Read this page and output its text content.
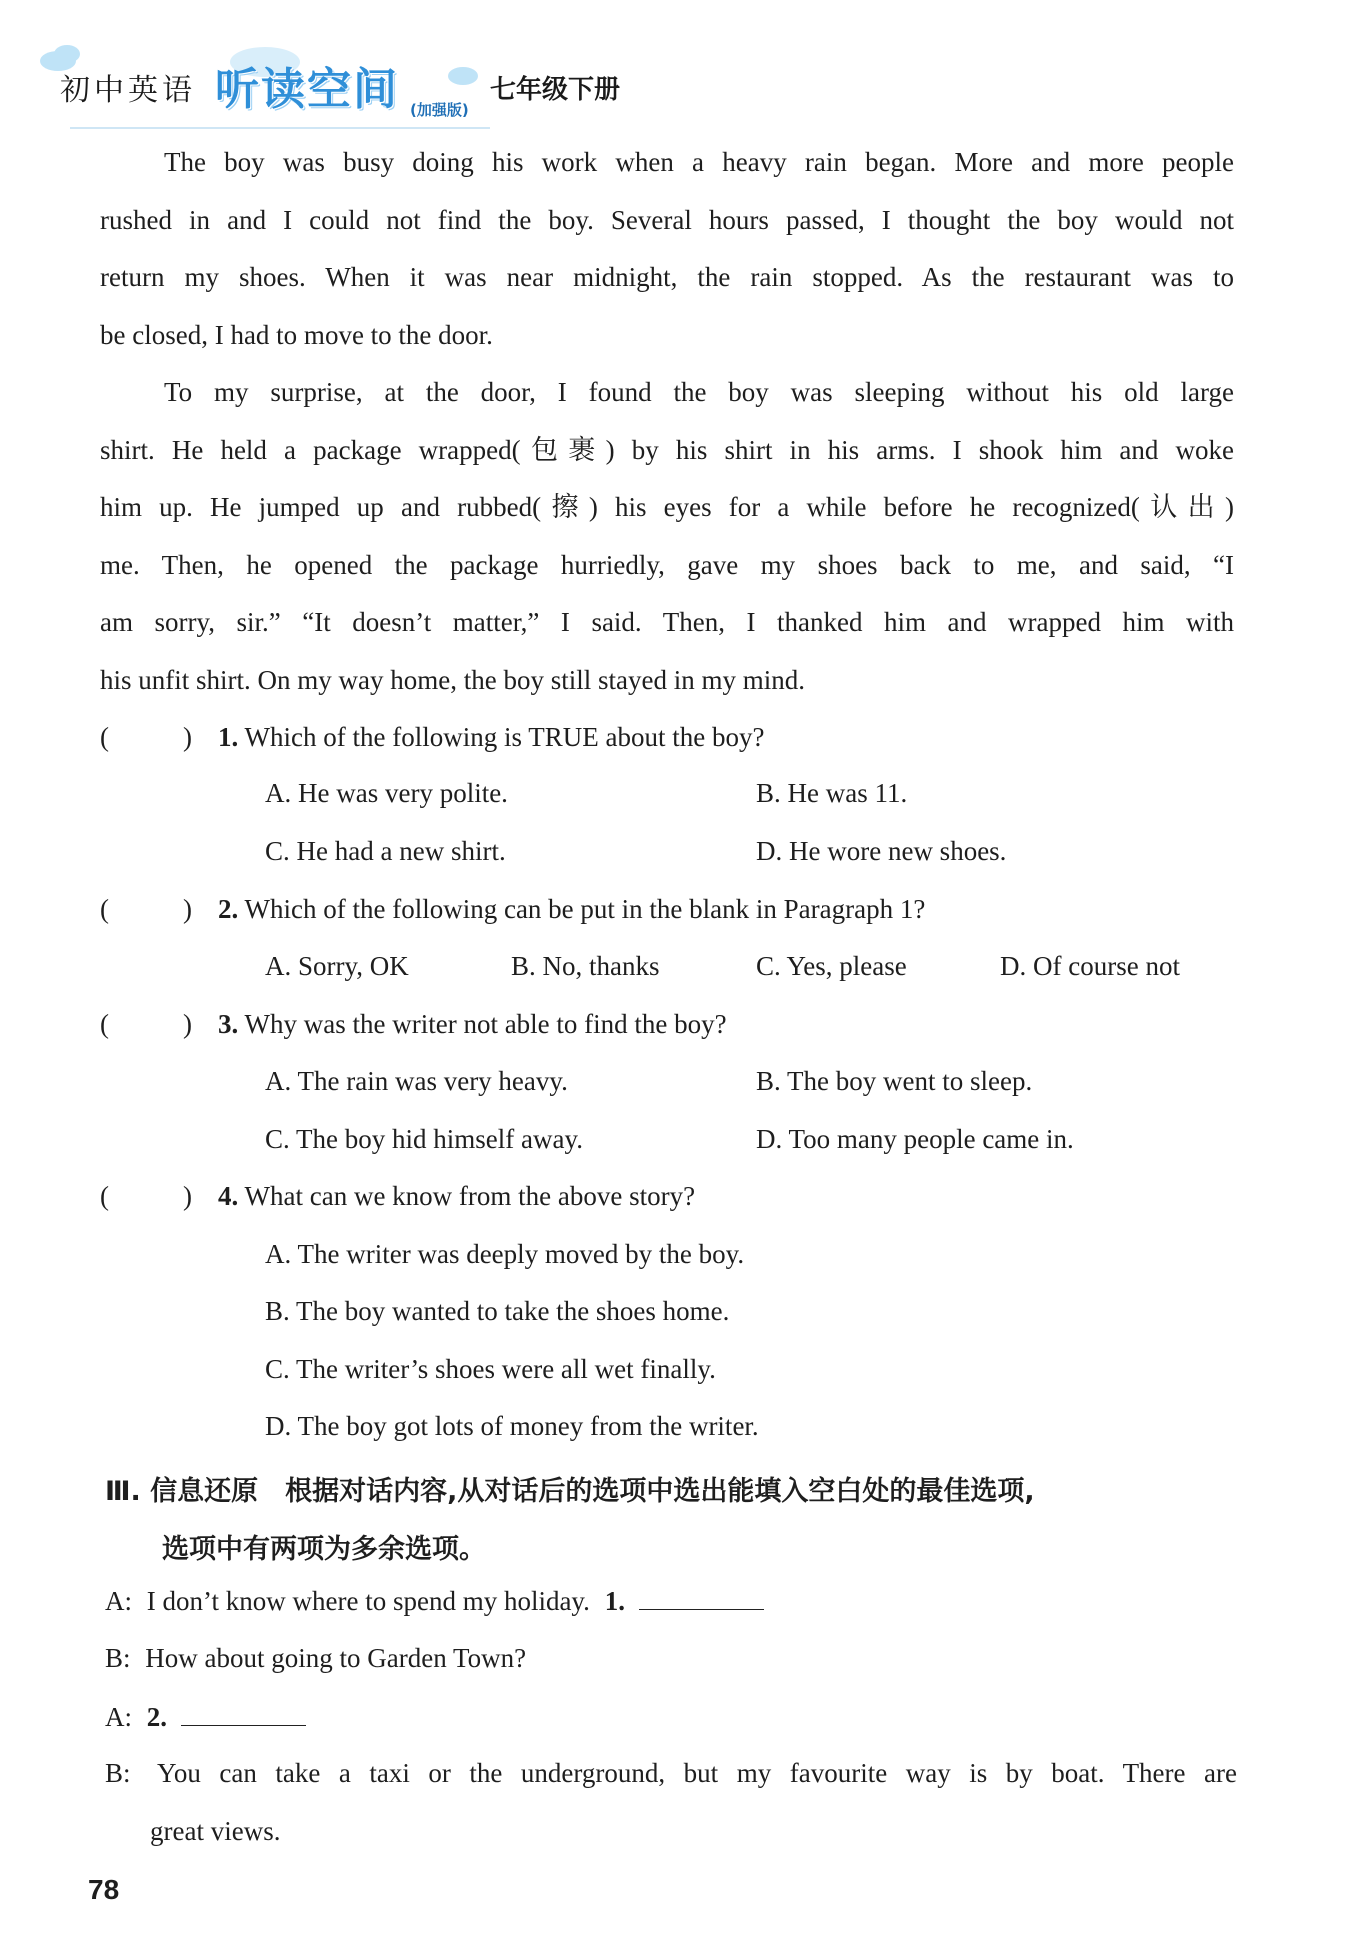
初中英语 听读空间 (加强版)
七年级下册
The boy was busy doing his work when a heavy rain began. More and more people
rushed in and I could not find the boy. Several hours passed, I thought the boy would not
return my shoes. When it was near midnight, the rain stopped. As the restaurant was to
be closed, I had to move to the door.
To my surprise, at the door, I found the boy was sleeping without his old large
shirt. He held a package wrapped(包裹) by his shirt in his arms. I shook him and woke
him up. He jumped up and rubbed(擦) his eyes for a while before he recognized(认出)
me. Then, he opened the package hurriedly, gave my shoes back to me, and said, “I
am sorry, sir.” “It doesn’t matter,” I said. Then, I thanked him and wrapped him with
his unfit shirt. On my way home, the boy still stayed in my mind.
(	) 1. Which of the following is TRUE about the boy?
A. He was very polite.	B. He was 11.
C. He had a new shirt.	D. He wore new shoes.
(	) 2. Which of the following can be put in the blank in Paragraph 1?
A. Sorry, OK	B. No, thanks	C. Yes, please	D. Of course not
(	) 3. Why was the writer not able to find the boy?
A. The rain was very heavy.	B. The boy went to sleep.
C. The boy hid himself away.	D. Too many people came in.
(	) 4. What can we know from the above story?
A. The writer was deeply moved by the boy.
B. The boy wanted to take the shoes home.
C. The writer’s shoes were all wet finally.
D. The boy got lots of money from the writer.
Ⅲ. 信息还原　根据对话内容,从对话后的选项中选出能填入空白处的最佳选项,
选项中有两项为多余选项。
A: I don’t know where to spend my holiday. 1.
B: How about going to Garden Town?
A: 2.
B: You can take a taxi or the underground, but my favourite way is by boat. There are
great views.
78
